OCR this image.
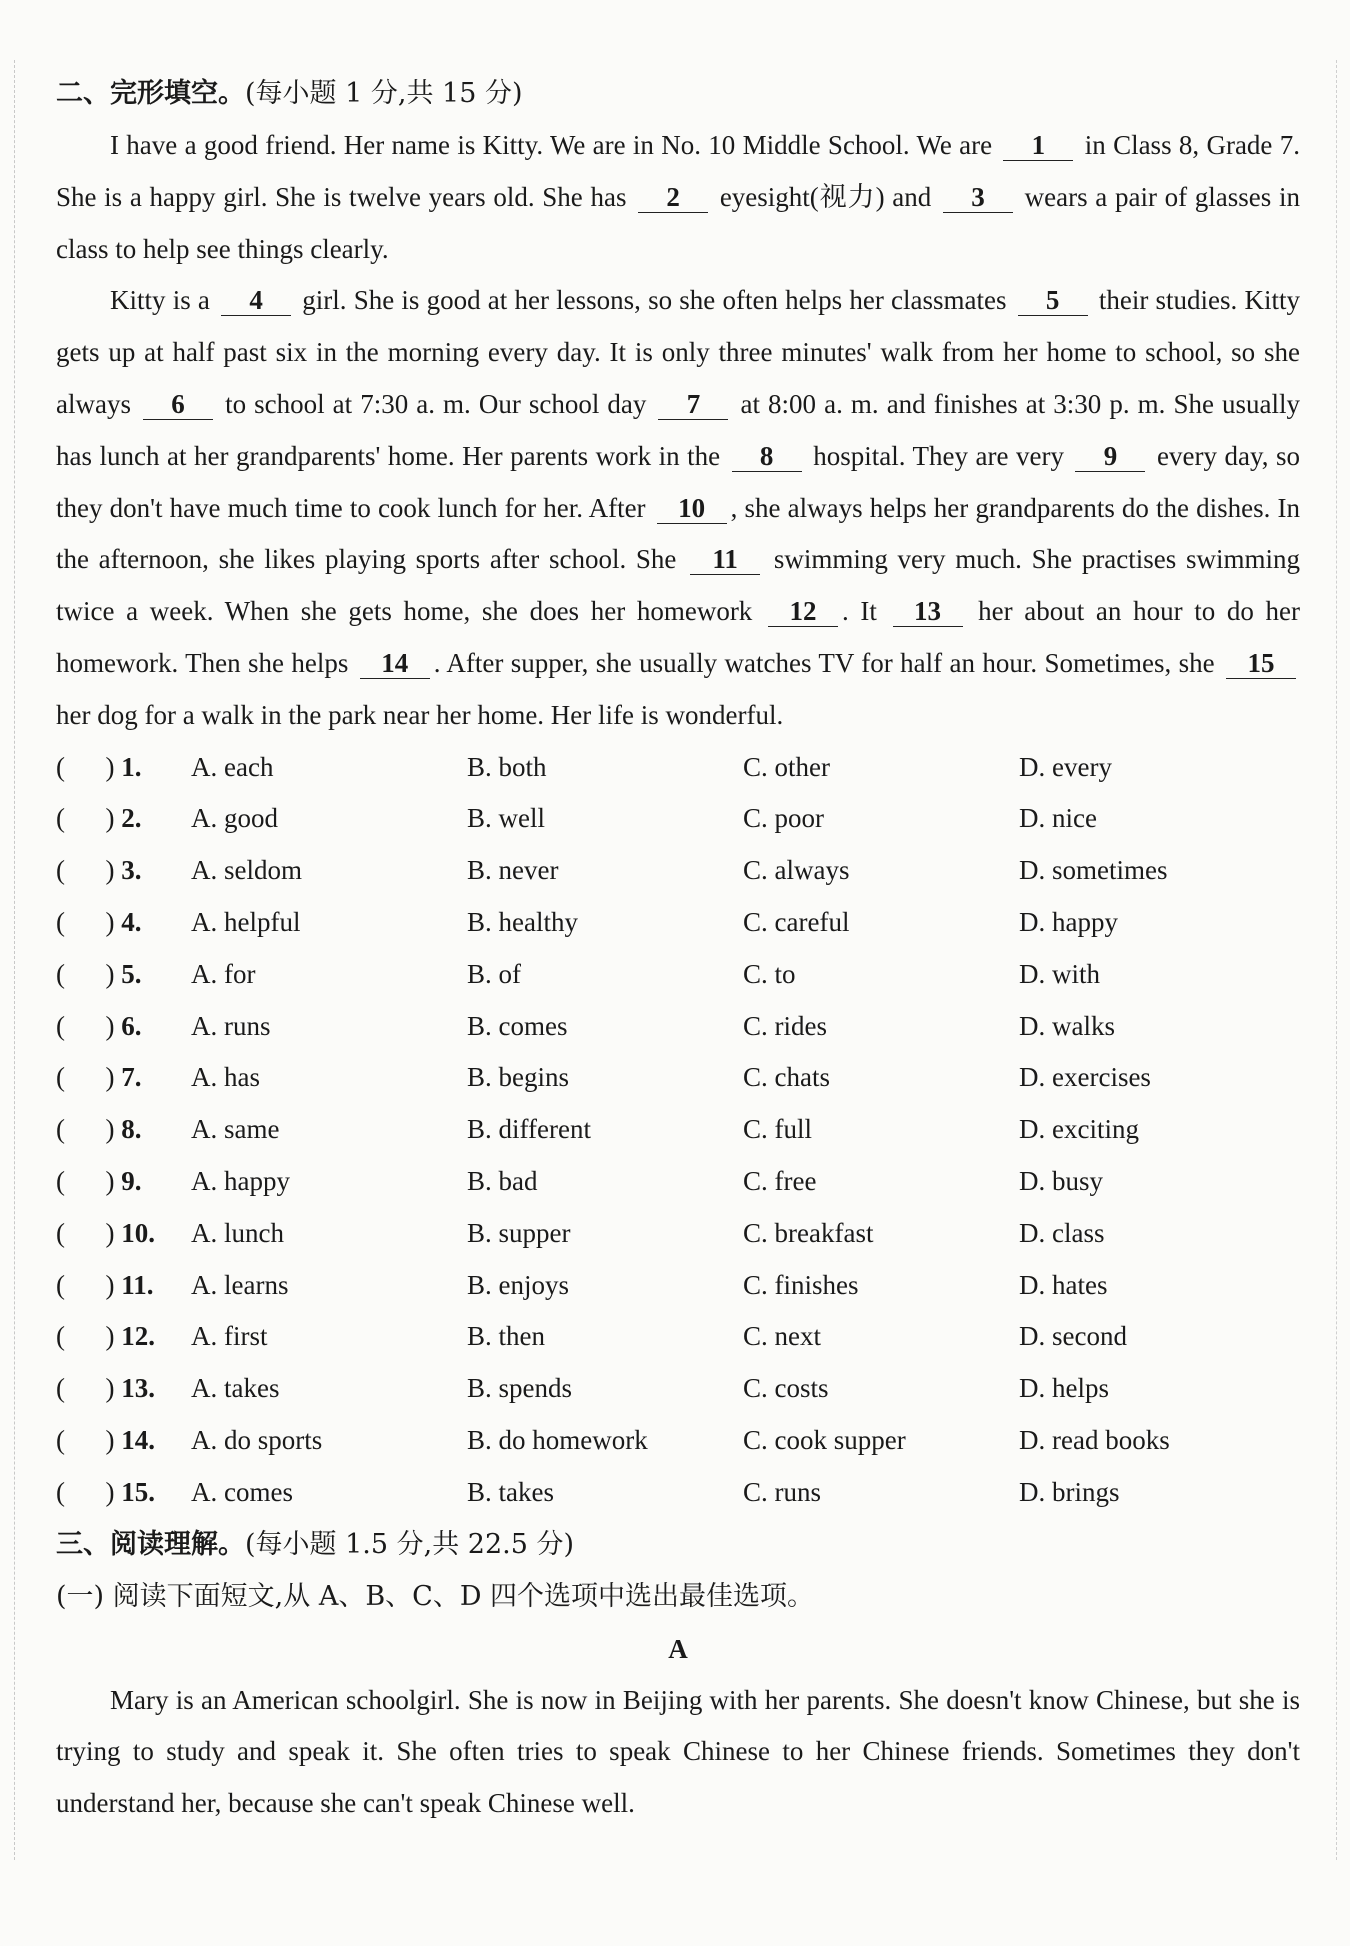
二、完形填空。(每小题 1 分,共 15 分)

I have a good friend. Her name is Kitty. We are in No. 10 Middle School. We are 1 in Class 8, Grade 7. She is a happy girl. She is twelve years old. She has 2 eyesight(视力) and 3 wears a pair of glasses in class to help see things clearly.

Kitty is a 4 girl. She is good at her lessons, so she often helps her classmates 5 their studies. Kitty gets up at half past six in the morning every day. It is only three minutes' walk from her home to school, so she always 6 to school at 7:30 a. m. Our school day 7 at 8:00 a. m. and finishes at 3:30 p. m. She usually has lunch at her grandparents' home. Her parents work in the 8 hospital. They are very 9 every day, so they don't have much time to cook lunch for her. After 10 , she always helps her grandparents do the dishes. In the afternoon, she likes playing sports after school. She 11 swimming very much. She practises swimming twice a week. When she gets home, she does her homework 12 . It 13 her about an hour to do her homework. Then she helps 14 . After supper, she usually watches TV for half an hour. Sometimes, she 15 her dog for a walk in the park near her home. Her life is wonderful.

(      ) 1.	A. each	B. both	C. other	D. every
(      ) 2.	A. good	B. well	C. poor	D. nice
(      ) 3.	A. seldom	B. never	C. always	D. sometimes
(      ) 4.	A. helpful	B. healthy	C. careful	D. happy
(      ) 5.	A. for	B. of	C. to	D. with
(      ) 6.	A. runs	B. comes	C. rides	D. walks
(      ) 7.	A. has	B. begins	C. chats	D. exercises
(      ) 8.	A. same	B. different	C. full	D. exciting
(      ) 9.	A. happy	B. bad	C. free	D. busy
(      ) 10.	A. lunch	B. supper	C. breakfast	D. class
(      ) 11.	A. learns	B. enjoys	C. finishes	D. hates
(      ) 12.	A. first	B. then	C. next	D. second
(      ) 13.	A. takes	B. spends	C. costs	D. helps
(      ) 14.	A. do sports	B. do homework	C. cook supper	D. read books
(      ) 15.	A. comes	B. takes	C. runs	D. brings
三、阅读理解。(每小题 1.5 分,共 22.5 分)
(一) 阅读下面短文,从 A、B、C、D 四个选项中选出最佳选项。
A

Mary is an American schoolgirl. She is now in Beijing with her parents. She doesn't know Chinese, but she is trying to study and speak it. She often tries to speak Chinese to her Chinese friends. Sometimes they don't understand her, because she can't speak Chinese well.
